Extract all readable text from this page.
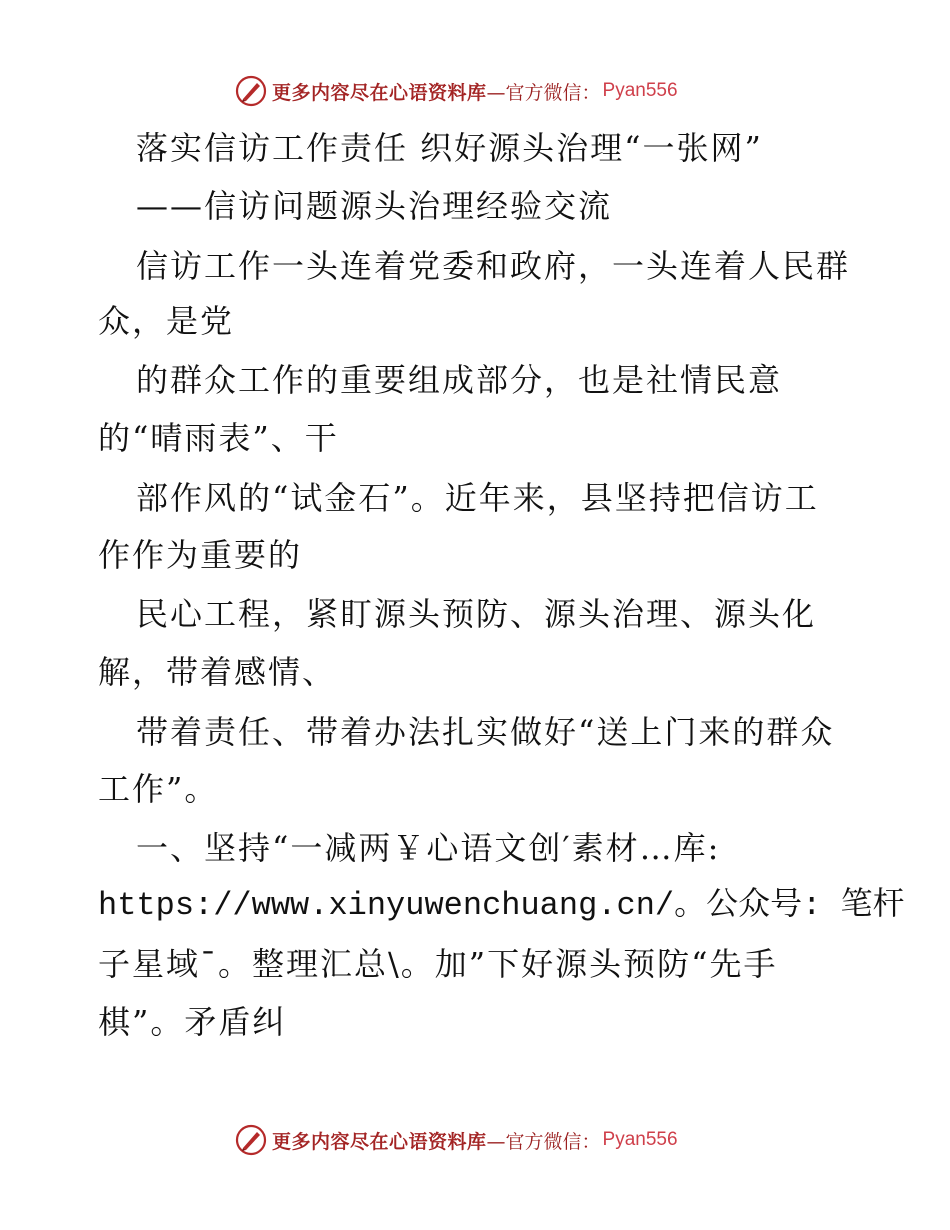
更多内容尽在心语资料库 —官方微信： Pyan556
落实信访工作责任 织好源头治理“一张网”
——信访问题源头治理经验交流
信访工作一头连着党委和政府，一头连着人民群
众，是党
的群众工作的重要组成部分，也是社情民意
的“晴雨表”、干
部作风的“试金石”。近年来，县坚持把信访工
作作为重要的
民心工程，紧盯源头预防、源头治理、源头化
解，带着感情、
带着责任、带着办法扎实做好“送上门来的群众
工作”。
一、坚持“一减两￥心语文创′素材…库:
https://www.xinyuwenchuang.cn/。公众号: 笔杆
子星域¯。整理汇总\。加”下好源头预防“先手
棋”。矛盾纠
更多内容尽在心语资料库 —官方微信： Pyan556
